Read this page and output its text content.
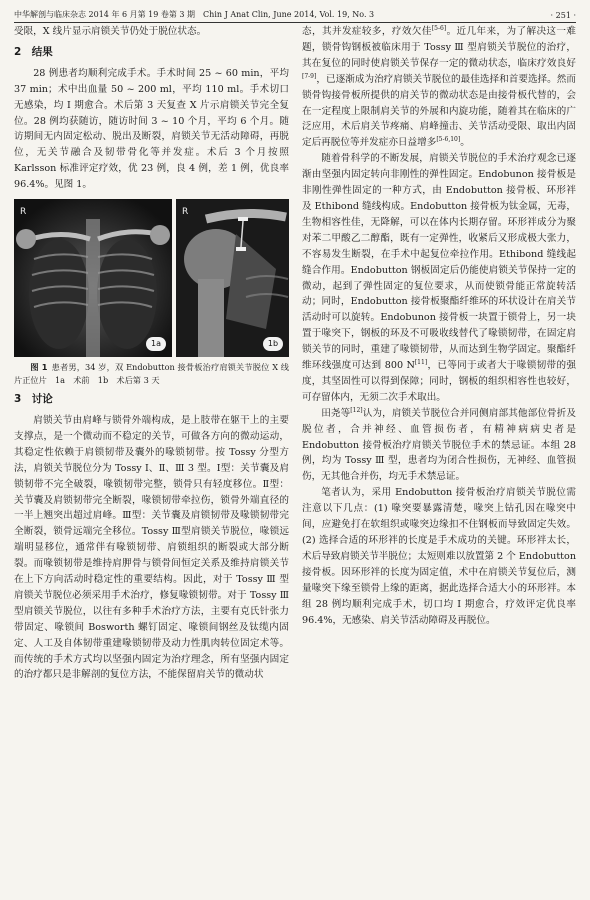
中华解剖与临床杂志 2014 年 6 月第 19 卷第 3 期　Chin J Anat Clin, June 2014, Vol. 19, No. 3	· 251 ·

受限，X 线片显示肩锁关节仍处于脱位状态。

2　结果

28 例患者均顺利完成手术。手术时间 25 ~ 60 min，平均 37 min；术中出血量 50 ~ 200 ml，平均 110 ml。手术切口无感染，均 I 期愈合。术后第 3 天复查 X 片示肩锁关节完全复位。28 例均获随访，随访时间 3 ~ 10 个月，平均 6 个月。随访期间无内固定松动、脱出及断裂，肩锁关节无活动障碍，再脱位，无关节融合及韧带骨化等并发症。术后 3 个月按照 Karlsson 标准评定疗效，优 23 例，良 4 例，差 1 例，优良率 96.4%。见图 1。

R
1a
R
1b

图 1 患者男，34 岁，双 Endobutton 接骨板治疗肩锁关节脱位 X 线片正位片　1a　术前　1b　术后第 3 天

3　讨论

肩锁关节由肩峰与锁骨外端构成，是上肢带在躯干上的主要支撑点，是一个微动而不稳定的关节，可做各方向的微动运动，其稳定性依赖于肩锁韧带及囊外的喙锁韧带。按 Tossy 分型方法，肩锁关节脱位分为 Tossy Ⅰ、Ⅱ、Ⅲ 3 型。Ⅰ型：关节囊及肩锁韧带不完全破裂，喙锁韧带完整，锁骨只有轻度移位。Ⅱ型：关节囊及肩锁韧带完全断裂，喙锁韧带牵拉伤，锁骨外端直径的一半上翘突出超过肩峰。Ⅲ型：关节囊及肩锁韧带及喙锁韧带完全断裂，锁骨远端完全移位。Tossy Ⅲ型肩锁关节脱位，喙锁远端明显移位，通常伴有喙锁韧带、肩锁组织的断裂或大部分断裂。而喙锁韧带是维持肩胛骨与锁骨间恒定关系及维持肩锁关节在上下方向活动时稳定性的重要结构。因此，对于 Tossy Ⅲ 型肩锁关节脱位必须采用手术治疗，修复喙锁韧带。对于 Tossy Ⅲ 型肩锁关节脱位，以往有多种手术治疗方法，主要有克氏针张力带固定、喙锁间 Bosworth 螺钉固定、喙锁间钢丝及钛缆内固定、人工及自体韧带重建喙锁韧带及动力性肌肉转位固定术等。而传统的手术方式均以坚强内固定为治疗理念，所有坚强内固定的治疗都只是非解剖的复位方法，不能保留肩关节的微动状

态，其并发症较多，疗效欠佳[5-6]。近几年来，为了解决这一难题，锁骨钩钢板被临床用于 Tossy Ⅲ 型肩锁关节脱位的治疗，其在复位的同时使肩锁关节保存一定的微动状态，临床疗效良好[7-9]，已逐渐成为治疗肩锁关节脱位的最佳选择和首要选择。然而锁骨钩接骨板所提供的肩关节的微动状态是由接骨板代替的，会在一定程度上限制肩关节的外展和内旋功能，随着其在临床的广泛应用，术后肩关节疼痛、肩峰撞击、关节活动受限、取出内固定后再脱位等并发症亦日益增多[5-6,10]。

随着骨科学的不断发展，肩锁关节脱位的手术治疗观念已逐渐由坚强内固定转向非刚性的弹性固定。Endobunon 接骨板是非刚性弹性固定的一种方式，由 Endobutton 接骨板、环形袢及 Ethibond 缝线构成。Endobutton 接骨板为钛金属，无毒，生物相容性佳，无降解，可以在体内长期存留。环形袢成分为聚对苯二甲酸乙二醇酯，既有一定弹性，收紧后又形成极大张力，不容易发生断裂，在手术中起复位牵拉作用。Ethibond 缝线起缝合作用。Endobutton 钢板固定后仍能使肩锁关节保持一定的微动，起到了弹性固定的复位要求，从而使锁骨能正常旋转活动；同时，Endobutton 接骨板聚酯纤维环的环状设计在肩关节活动时可以旋转。Endobunon 接骨板一块置于锁骨上，另一块置于喙突下，钢板的环及不可吸收线替代了喙锁韧带，在固定肩锁关节的同时，重建了喙锁韧带，从而达到生物学固定。聚酯纤维环线强度可达到 800 N[11]，已等同于或者大于喙锁韧带的强度，其坚固性可以得到保障；同时，钢板的组织相容性也较好，可存留体内，无须二次手术取出。

田尧等[12]认为，肩锁关节脱位合并同侧肩部其他部位骨折及脱位者，合并神经、血管损伤者，有精神病病史者是 Endobutton 接骨板治疗肩锁关节脱位手术的禁忌证。本组 28 例，均为 Tossy Ⅲ 型，患者均为闭合性损伤，无神经、血管损伤，无其他合并伤，均无手术禁忌证。

笔者认为，采用 Endobutton 接骨板治疗肩锁关节脱位需注意以下几点：(1) 喙突要暴露清楚，喙突上钻孔因在喙突中间，应避免打在软组织或喙突边缘扣不住钢板而导致固定失效。(2) 选择合适的环形袢的长度是手术成功的关键。环形袢太长，术后导致肩锁关节半脱位；太短则难以放置第 2 个 Endobutton 接骨板。因环形袢的长度为固定值，术中在肩锁关节复位后，测量喙突下缘至锁骨上缘的距离，据此选择合适大小的环形袢。本组 28 例均顺利完成手术，切口均 I 期愈合，疗效评定优良率 96.4%，无感染、肩关节活动障碍及再脱位。
